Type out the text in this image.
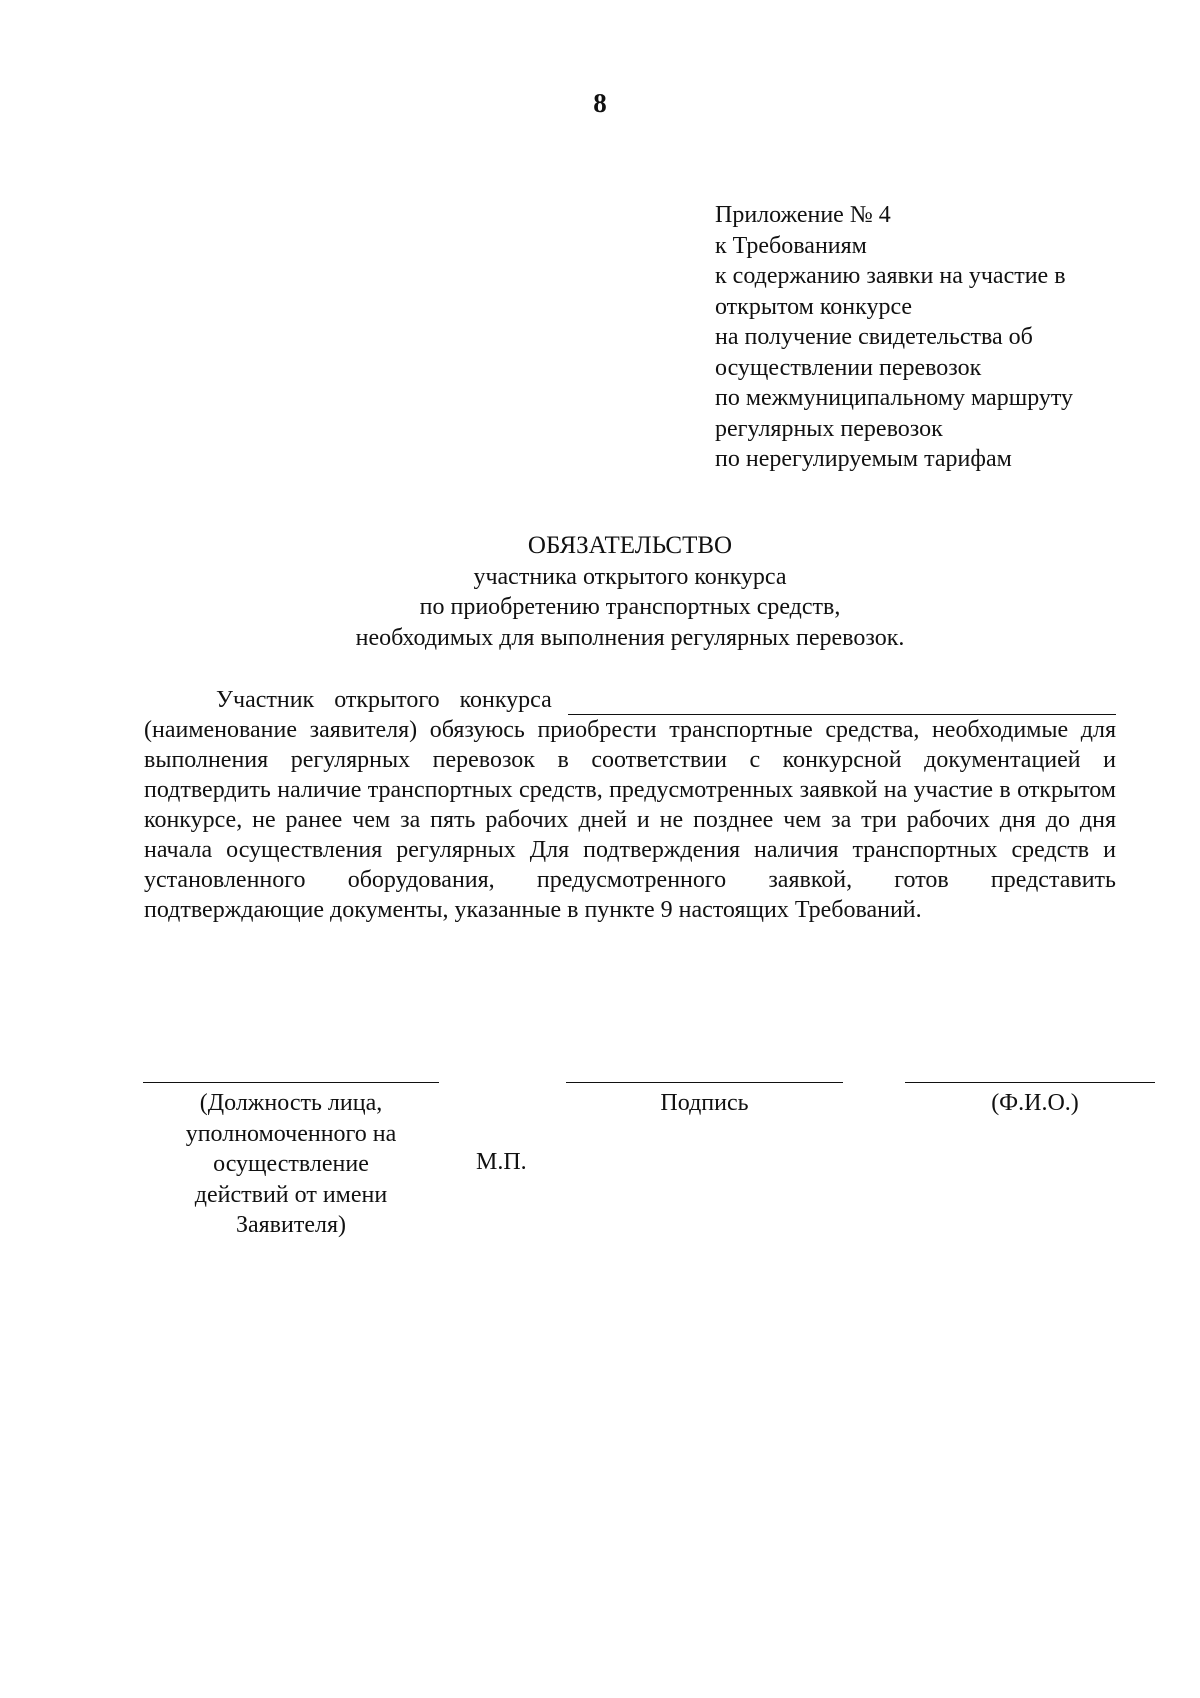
8
Приложение № 4
к Требованиям
к содержанию заявки на участие в
открытом конкурсе
на получение свидетельства об
осуществлении перевозок
по межмуниципальному маршруту
регулярных перевозок
по нерегулируемым тарифам
ОБЯЗАТЕЛЬСТВО
участника открытого конкурса
по приобретению транспортных средств,
необходимых для выполнения регулярных перевозок.
Участник открытого конкурса
(наименование заявителя) обязуюсь приобрести транспортные средства, необходимые для выполнения регулярных перевозок в соответствии с конкурсной документацией и подтвердить наличие транспортных средств, предусмотренных заявкой на участие в открытом конкурсе, не ранее чем за пять рабочих дней и не позднее чем за три рабочих дня до дня начала осуществления регулярных Для подтверждения наличия транспортных средств и установленного оборудования, предусмотренного заявкой, готов представить подтверждающие документы, указанные в пункте 9 настоящих Требований.
(Должность лица,
уполномоченного на
осуществление
действий от имени
Заявителя)
Подпись	(Ф.И.О.)
М.П.
